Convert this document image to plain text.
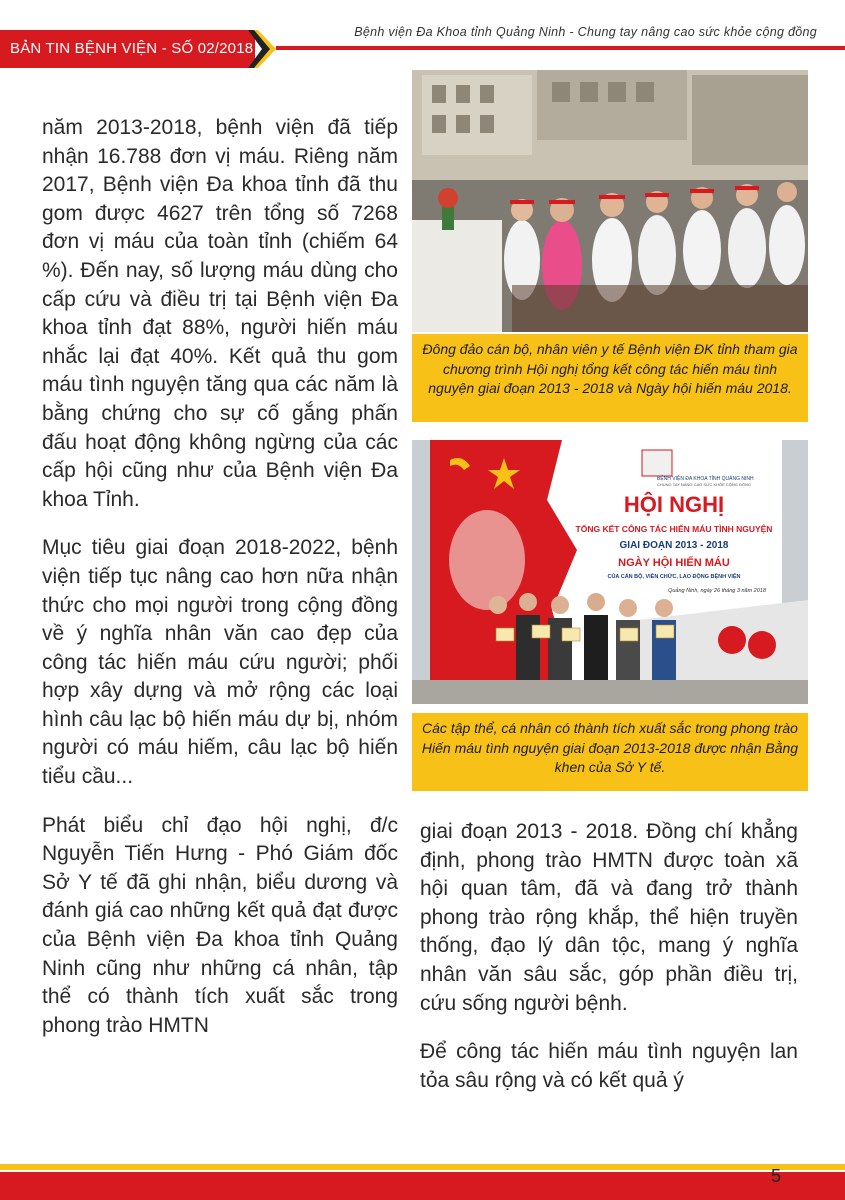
BẢN TIN BỆNH VIỆN - SỐ 02/2018
Bệnh viện Đa Khoa tỉnh Quảng Ninh - Chung tay nâng cao sức khỏe cộng đồng

năm 2013-2018, bệnh viện đã tiếp nhận 16.788 đơn vị máu. Riêng năm 2017, Bệnh viện Đa khoa tỉnh đã thu gom được 4627 trên tổng số 7268 đơn vị máu của toàn tỉnh (chiếm 64 %). Đến nay, số lượng máu dùng cho cấp cứu và điều trị tại Bệnh viện Đa khoa tỉnh đạt 88%, người hiến máu nhắc lại đạt 40%. Kết quả thu gom máu tình nguyện tăng qua các năm là bằng chứng cho sự cố gắng phấn đấu hoạt động không ngừng của các cấp hội cũng như của Bệnh viện Đa khoa Tỉnh.

Mục tiêu giai đoạn 2018-2022, bệnh viện tiếp tục nâng cao hơn nữa nhận thức cho mọi người trong cộng đồng về ý nghĩa nhân văn cao đẹp của công tác hiến máu cứu người; phối hợp xây dựng và mở rộng các loại hình câu lạc bộ hiến máu dự bị, nhóm người có máu hiếm, câu lạc bộ hiến tiểu cầu...

Phát biểu chỉ đạo hội nghị, đ/c Nguyễn Tiến Hưng - Phó Giám đốc Sở Y tế đã ghi nhận, biểu dương và đánh giá cao những kết quả đạt được của Bệnh viện Đa khoa tỉnh Quảng Ninh cũng như những cá nhân, tập thể có thành tích xuất sắc trong phong trào HMTN

Đông đảo cán bộ, nhân viên y tế Bệnh viện ĐK tỉnh tham gia chương trình Hội nghị tổng kết công tác hiến máu tình nguyện giai đoạn 2013 - 2018 và Ngày hội hiến máu 2018.
BỆNH VIỆN ĐA KHOA TỈNH QUẢNG NINH
CHUNG TAY NÂNG CAO SỨC KHỎE CỘNG ĐỒNG
HỘI NGHỊ
TỔNG KẾT CÔNG TÁC HIẾN MÁU TÌNH NGUYỆN
GIAI ĐOẠN 2013 - 2018
NGÀY HỘI HIẾN MÁU
CỦA CÁN BỘ, VIÊN CHỨC, LAO ĐỘNG BỆNH VIỆN
Quảng Ninh, ngày 26 tháng 3 năm 2018
Các tập thể, cá nhân có thành tích xuất sắc trong phong trào Hiến máu tình nguyện giai đoạn 2013-2018 được nhận Bằng khen của Sở Y tế.

giai đoạn 2013 - 2018. Đồng chí khẳng định, phong trào HMTN được toàn xã hội quan tâm, đã và đang trở thành phong trào rộng khắp, thể hiện truyền thống, đạo lý dân tộc, mang ý nghĩa nhân văn sâu sắc, góp phần điều trị, cứu sống người bệnh.

Để công tác hiến máu tình nguyện lan tỏa sâu rộng và có kết quả ý

5
